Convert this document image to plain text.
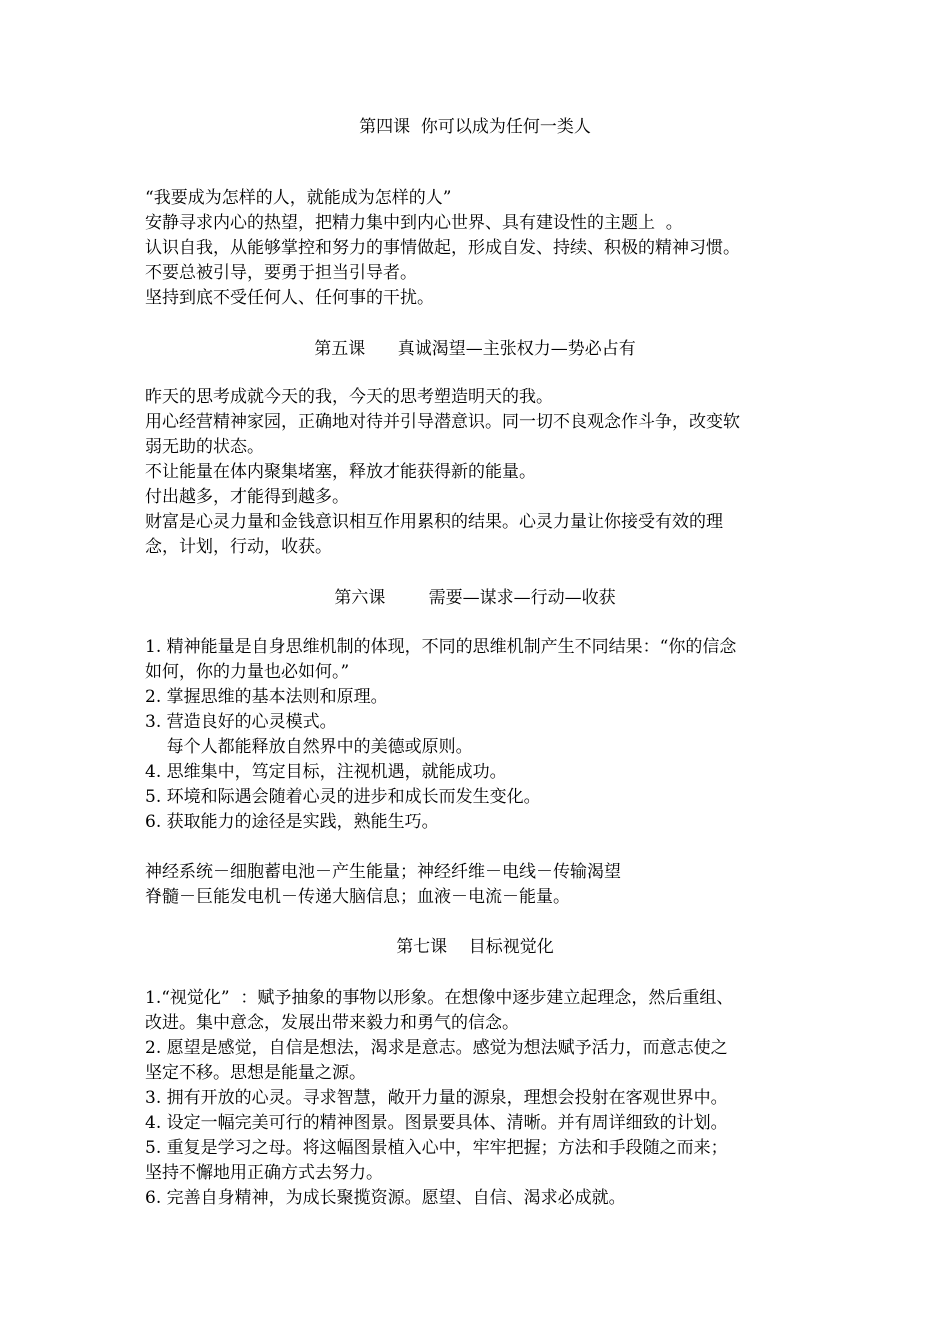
第四课  你可以成为任何一类人
“我要成为怎样的人，就能成为怎样的人”
安静寻求内心的热望，把精力集中到内心世界、具有建设性的主题上  。
认识自我，从能够掌控和努力的事情做起，形成自发、持续、积极的精神习惯。
不要总被引导，要勇于担当引导者。
坚持到底不受任何人、任何事的干扰。
第五课      真诚渴望—主张权力—势必占有
昨天的思考成就今天的我，今天的思考塑造明天的我。
用心经营精神家园，正确地对待并引导潜意识。同一切不良观念作斗争，改变软
弱无助的状态。
不让能量在体内聚集堵塞，释放才能获得新的能量。
付出越多，才能得到越多。
财富是心灵力量和金钱意识相互作用累积的结果。心灵力量让你接受有效的理
念，计划，行动，收获。
第六课        需要—谋求—行动—收获
1. 精神能量是自身思维机制的体现，不同的思维机制产生不同结果：“你的信念
如何，你的力量也必如何。”
2. 掌握思维的基本法则和原理。
3. 营造良好的心灵模式。
每个人都能释放自然界中的美德或原则。
4. 思维集中，笃定目标，注视机遇，就能成功。
5. 环境和际遇会随着心灵的进步和成长而发生变化。
6. 获取能力的途径是实践，熟能生巧。
神经系统－细胞蓄电池－产生能量；神经纤维－电线－传输渴望
脊髓－巨能发电机－传递大脑信息；血液－电流－能量。
第七课    目标视觉化
1.“视觉化”  ：赋予抽象的事物以形象。在想像中逐步建立起理念，然后重组、
改进。集中意念，发展出带来毅力和勇气的信念。
2. 愿望是感觉，自信是想法，渴求是意志。感觉为想法赋予活力，而意志使之
坚定不移。思想是能量之源。
3. 拥有开放的心灵。寻求智慧，敞开力量的源泉，理想会投射在客观世界中。
4. 设定一幅完美可行的精神图景。图景要具体、清晰。并有周详细致的计划。
5. 重复是学习之母。将这幅图景植入心中，牢牢把握；方法和手段随之而来；
坚持不懈地用正确方式去努力。
6. 完善自身精神，为成长聚揽资源。愿望、自信、渴求必成就。
